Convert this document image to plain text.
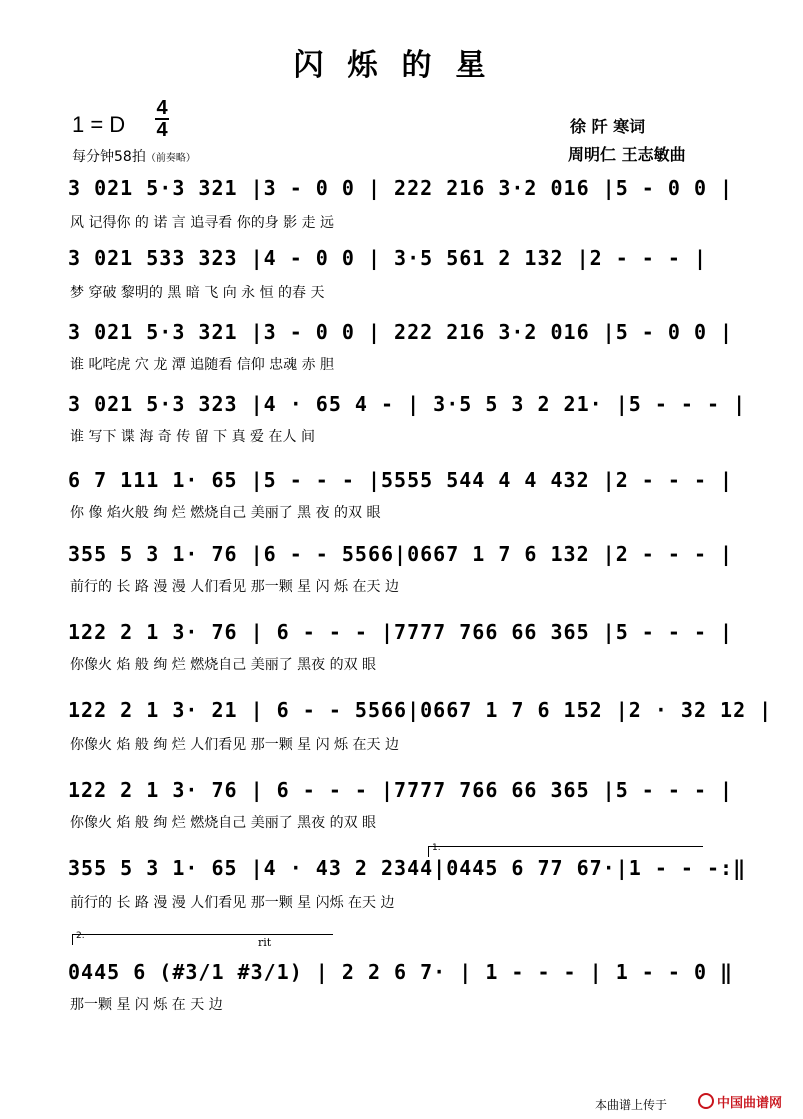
闪烁的星
1 = D
4
4
每分钟58拍（前奏略）
徐 阡 寒词
周明仁 王志敏曲
3 021 5·3 321 |3 - 0 0 | 222 216 3·2 016 |5 - 0 0 |
风 记得你 的 诺 言 追寻看 你的身 影 走 远
3 021 533 323 |4 - 0 0 | 3·5 561 2 132 |2 - - - |
梦 穿破 黎明的 黑 暗 飞 向 永 恒 的春 天
3 021 5·3 321 |3 - 0 0 | 222 216 3·2 016 |5 - 0 0 |
谁 叱咤虎 穴 龙 潭 追随看 信仰 忠魂 赤 胆
3 021 5·3 323 |4 · 65 4 - | 3·5 5 3 2 21· |5 - - - |
谁 写下 谍 海 奇 传 留 下 真 爱 在人 间
6 7 111 1· 65 |5 - - - |5555 544 4 4 432 |2 - - - |
你 像 焰火般 绚 烂 燃烧自己 美丽了 黑 夜 的双 眼
355 5 3 1· 76 |6 - - 5566|0667 1 7 6 132 |2 - - - |
前行的 长 路 漫 漫 人们看见 那一颗 星 闪 烁 在天 边
122 2 1 3· 76 | 6 - - - |7777 766 66 365 |5 - - - |
你像火 焰 般 绚 烂 燃烧自己 美丽了 黑夜 的双 眼
122 2 1 3· 21 | 6 - - 5566|0667 1 7 6 152 |2 · 32 12 |
你像火 焰 般 绚 烂 人们看见 那一颗 星 闪 烁 在天 边
122 2 1 3· 76 | 6 - - - |7777 766 66 365 |5 - - - |
你像火 焰 般 绚 烂 燃烧自己 美丽了 黑夜 的双 眼
1.
355 5 3 1· 65 |4 · 43 2 2344|0445 6 77 67·|1 - - -:‖
前行的 长 路 漫 漫 人们看见 那一颗 星 闪烁 在天 边
2.	rit
0445 6 (#3/1 #3/1) | 2 2 6 7· | 1 - - - | 1 - - 0 ‖
那一颗 星 闪 烁 在 天 边
本曲谱上传于	中国曲谱网
